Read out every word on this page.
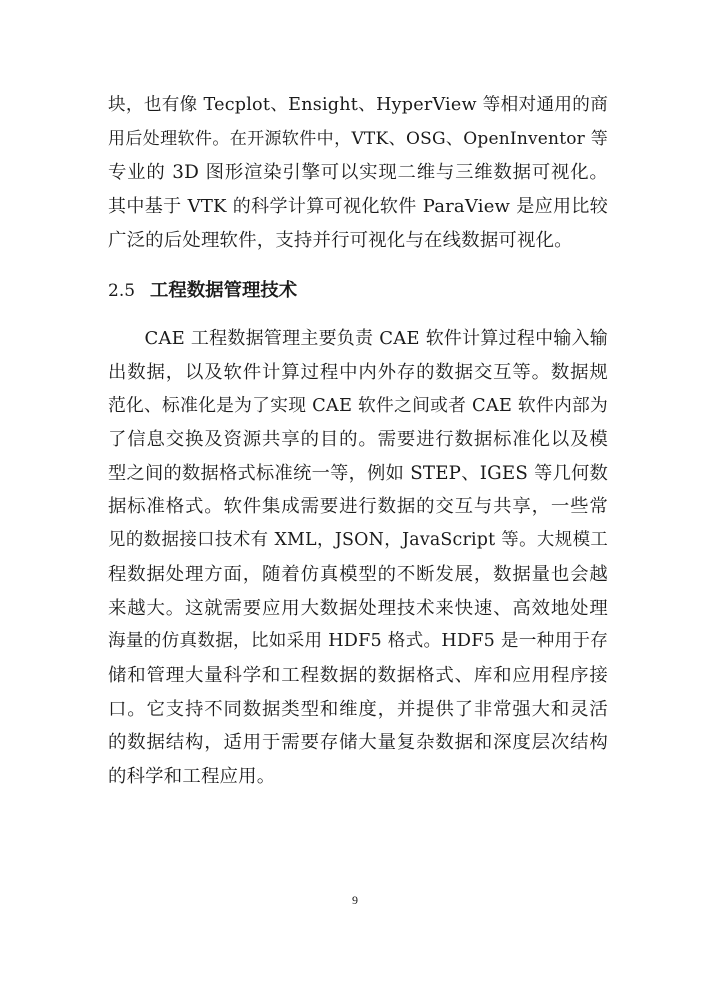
块，也有像 Tecplot、Ensight、HyperView 等相对通用的商
用后处理软件。在开源软件中，VTK、OSG、OpenInventor 等
专业的 3D 图形渲染引擎可以实现二维与三维数据可视化。
其中基于 VTK 的科学计算可视化软件 ParaView 是应用比较
广泛的后处理软件，支持并行可视化与在线数据可视化。
2.5 工程数据管理技术
　　CAE 工程数据管理主要负责 CAE 软件计算过程中输入输
出数据，以及软件计算过程中内外存的数据交互等。数据规
范化、标准化是为了实现 CAE 软件之间或者 CAE 软件内部为
了信息交换及资源共享的目的。需要进行数据标准化以及模
型之间的数据格式标准统一等，例如 STEP、IGES 等几何数
据标准格式。软件集成需要进行数据的交互与共享，一些常
见的数据接口技术有 XML，JSON，JavaScript 等。大规模工
程数据处理方面，随着仿真模型的不断发展，数据量也会越
来越大。这就需要应用大数据处理技术来快速、高效地处理
海量的仿真数据，比如采用 HDF5 格式。HDF5 是一种用于存
储和管理大量科学和工程数据的数据格式、库和应用程序接
口。它支持不同数据类型和维度，并提供了非常强大和灵活
的数据结构，适用于需要存储大量复杂数据和深度层次结构
的科学和工程应用。
9
